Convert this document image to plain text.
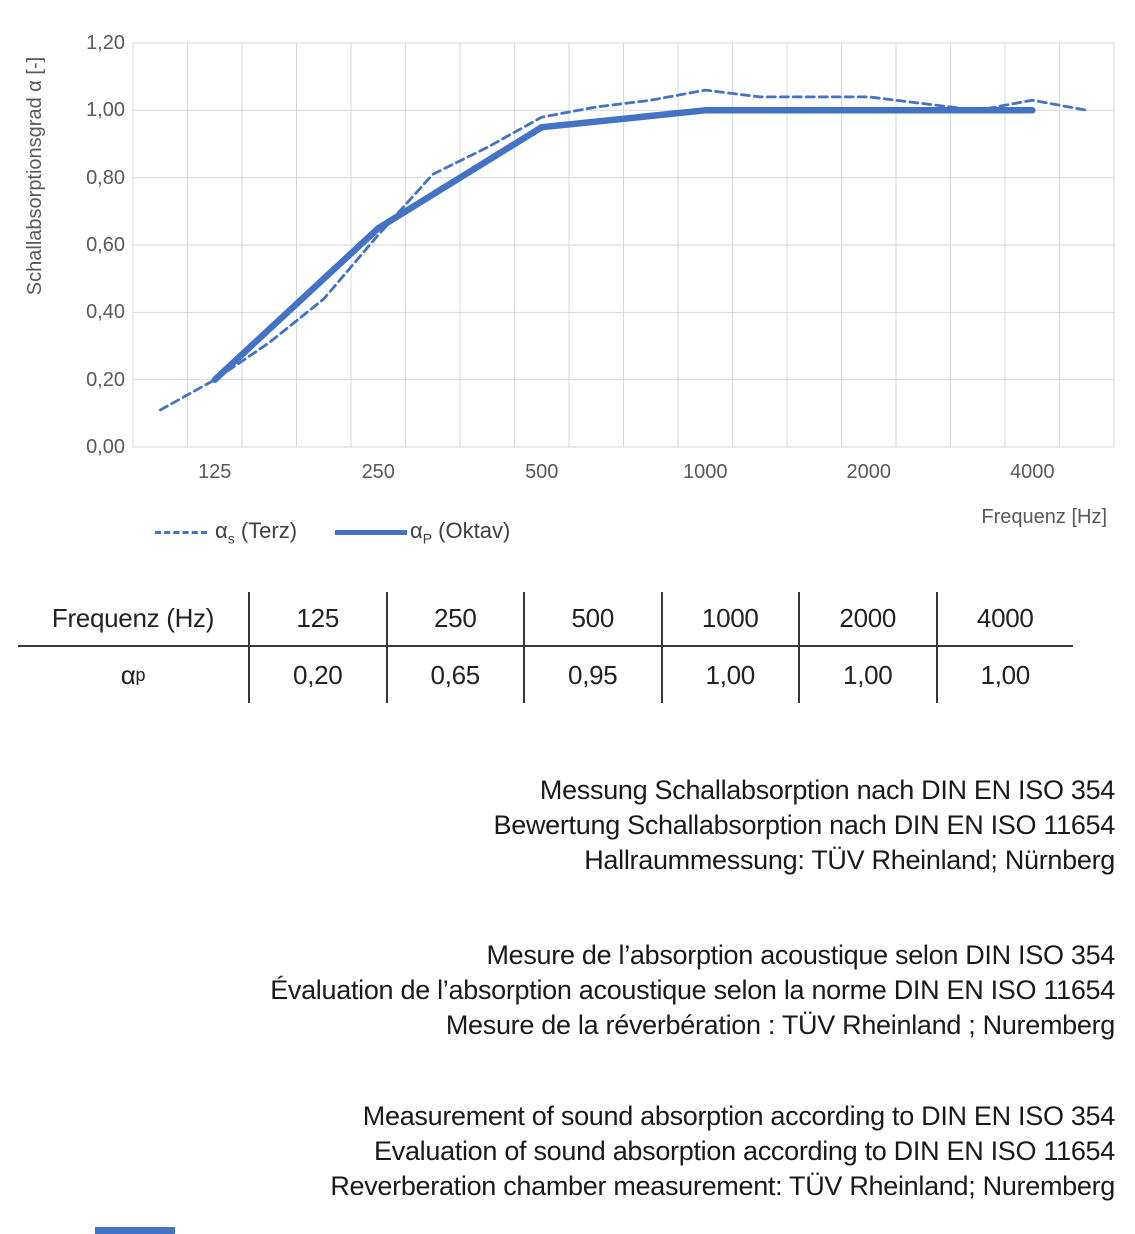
Schallabsorptionsgrad α [-]
Frequenz [Hz]
0,00
0,20
0,40
0,60
0,80
1,00
1,20
125	250	500	1000	2000	4000
$\alpha_s$ (Terz)	$\alpha_P$ (Oktav)
Frequenz (Hz)	125	250	500	1000	2000	4000
α p	0,20	0,65	0,95	1,00	1,00	1,00
Messung Schallabsorption nach DIN EN ISO 354
Bewertung Schallabsorption nach DIN EN ISO 11654
Hallraummessung: TÜV Rheinland; Nürnberg
Mesure de l’absorption acoustique selon DIN ISO 354
Évaluation de l’absorption acoustique selon la norme DIN EN ISO 11654
Mesure de la réverbération : TÜV Rheinland ; Nuremberg
Measurement of sound absorption according to DIN EN ISO 354
Evaluation of sound absorption according to DIN EN ISO 11654
Reverberation chamber measurement: TÜV Rheinland; Nuremberg
